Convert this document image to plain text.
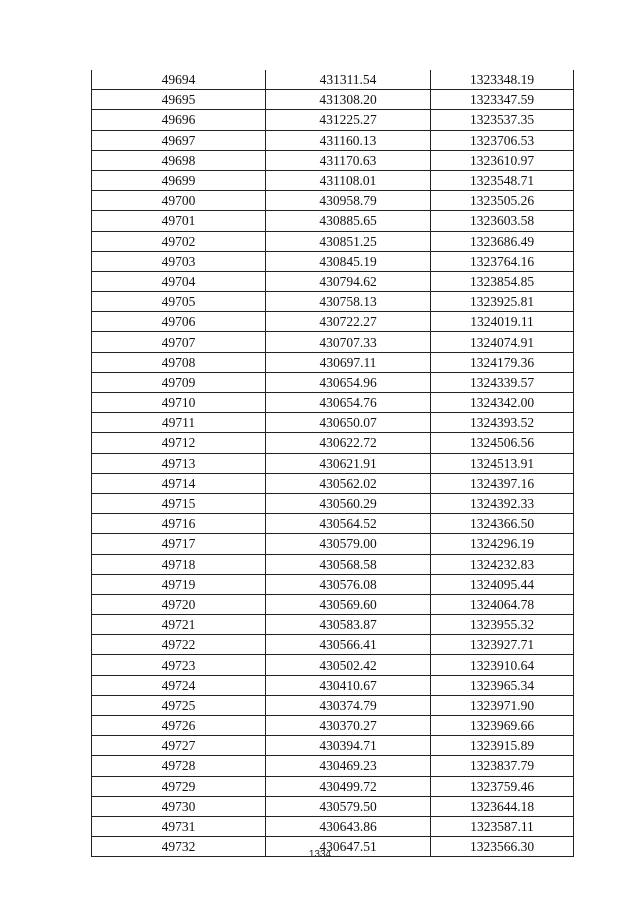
49694	431311.54	1323348.19
49695	431308.20	1323347.59
49696	431225.27	1323537.35
49697	431160.13	1323706.53
49698	431170.63	1323610.97
49699	431108.01	1323548.71
49700	430958.79	1323505.26
49701	430885.65	1323603.58
49702	430851.25	1323686.49
49703	430845.19	1323764.16
49704	430794.62	1323854.85
49705	430758.13	1323925.81
49706	430722.27	1324019.11
49707	430707.33	1324074.91
49708	430697.11	1324179.36
49709	430654.96	1324339.57
49710	430654.76	1324342.00
49711	430650.07	1324393.52
49712	430622.72	1324506.56
49713	430621.91	1324513.91
49714	430562.02	1324397.16
49715	430560.29	1324392.33
49716	430564.52	1324366.50
49717	430579.00	1324296.19
49718	430568.58	1324232.83
49719	430576.08	1324095.44
49720	430569.60	1324064.78
49721	430583.87	1323955.32
49722	430566.41	1323927.71
49723	430502.42	1323910.64
49724	430410.67	1323965.34
49725	430374.79	1323971.90
49726	430370.27	1323969.66
49727	430394.71	1323915.89
49728	430469.23	1323837.79
49729	430499.72	1323759.46
49730	430579.50	1323644.18
49731	430643.86	1323587.11
49732	430647.51	1323566.30
1334
